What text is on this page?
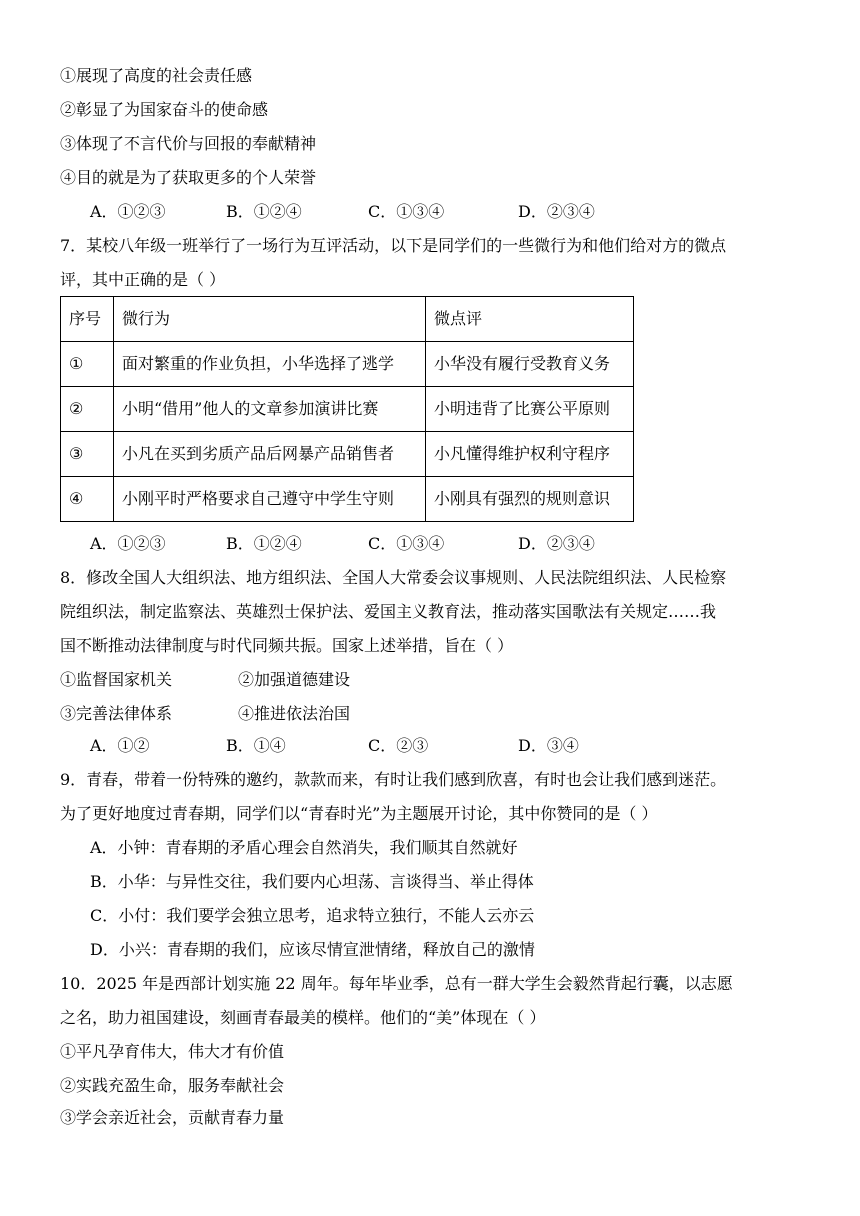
①展现了高度的社会责任感
②彰显了为国家奋斗的使命感
③体现了不言代价与回报的奉献精神
④目的就是为了获取更多的个人荣誉
A．①②③	B．①②④	C．①③④	D．②③④
7．某校八年级一班举行了一场行为互评活动，以下是同学们的一些微行为和他们给对方的微点
评，其中正确的是（ ）
序号	微行为	微点评
①	面对繁重的作业负担，小华选择了逃学	小华没有履行受教育义务
②	小明“借用”他人的文章参加演讲比赛	小明违背了比赛公平原则
③	小凡在买到劣质产品后网暴产品销售者	小凡懂得维护权利守程序
④	小刚平时严格要求自己遵守中学生守则	小刚具有强烈的规则意识
A．①②③	B．①②④	C．①③④	D．②③④
8．修改全国人大组织法、地方组织法、全国人大常委会议事规则、人民法院组织法、人民检察
院组织法，制定监察法、英雄烈士保护法、爱国主义教育法，推动落实国歌法有关规定……我
国不断推动法律制度与时代同频共振。国家上述举措，旨在（ ）
①监督国家机关	②加强道德建设
③完善法律体系	④推进依法治国
A．①②	B．①④	C．②③	D．③④
9．青春，带着一份特殊的邀约，款款而来，有时让我们感到欣喜，有时也会让我们感到迷茫。
为了更好地度过青春期，同学们以“青春时光”为主题展开讨论，其中你赞同的是（ ）
A．小钟：青春期的矛盾心理会自然消失，我们顺其自然就好
B．小华：与异性交往，我们要内心坦荡、言谈得当、举止得体
C．小付：我们要学会独立思考，追求特立独行，不能人云亦云
D．小兴：青春期的我们，应该尽情宣泄情绪，释放自己的激情
10．2025 年是西部计划实施 22 周年。每年毕业季，总有一群大学生会毅然背起行囊，以志愿
之名，助力祖国建设，刻画青春最美的模样。他们的“美”体现在（ ）
①平凡孕育伟大，伟大才有价值
②实践充盈生命，服务奉献社会
③学会亲近社会，贡献青春力量
